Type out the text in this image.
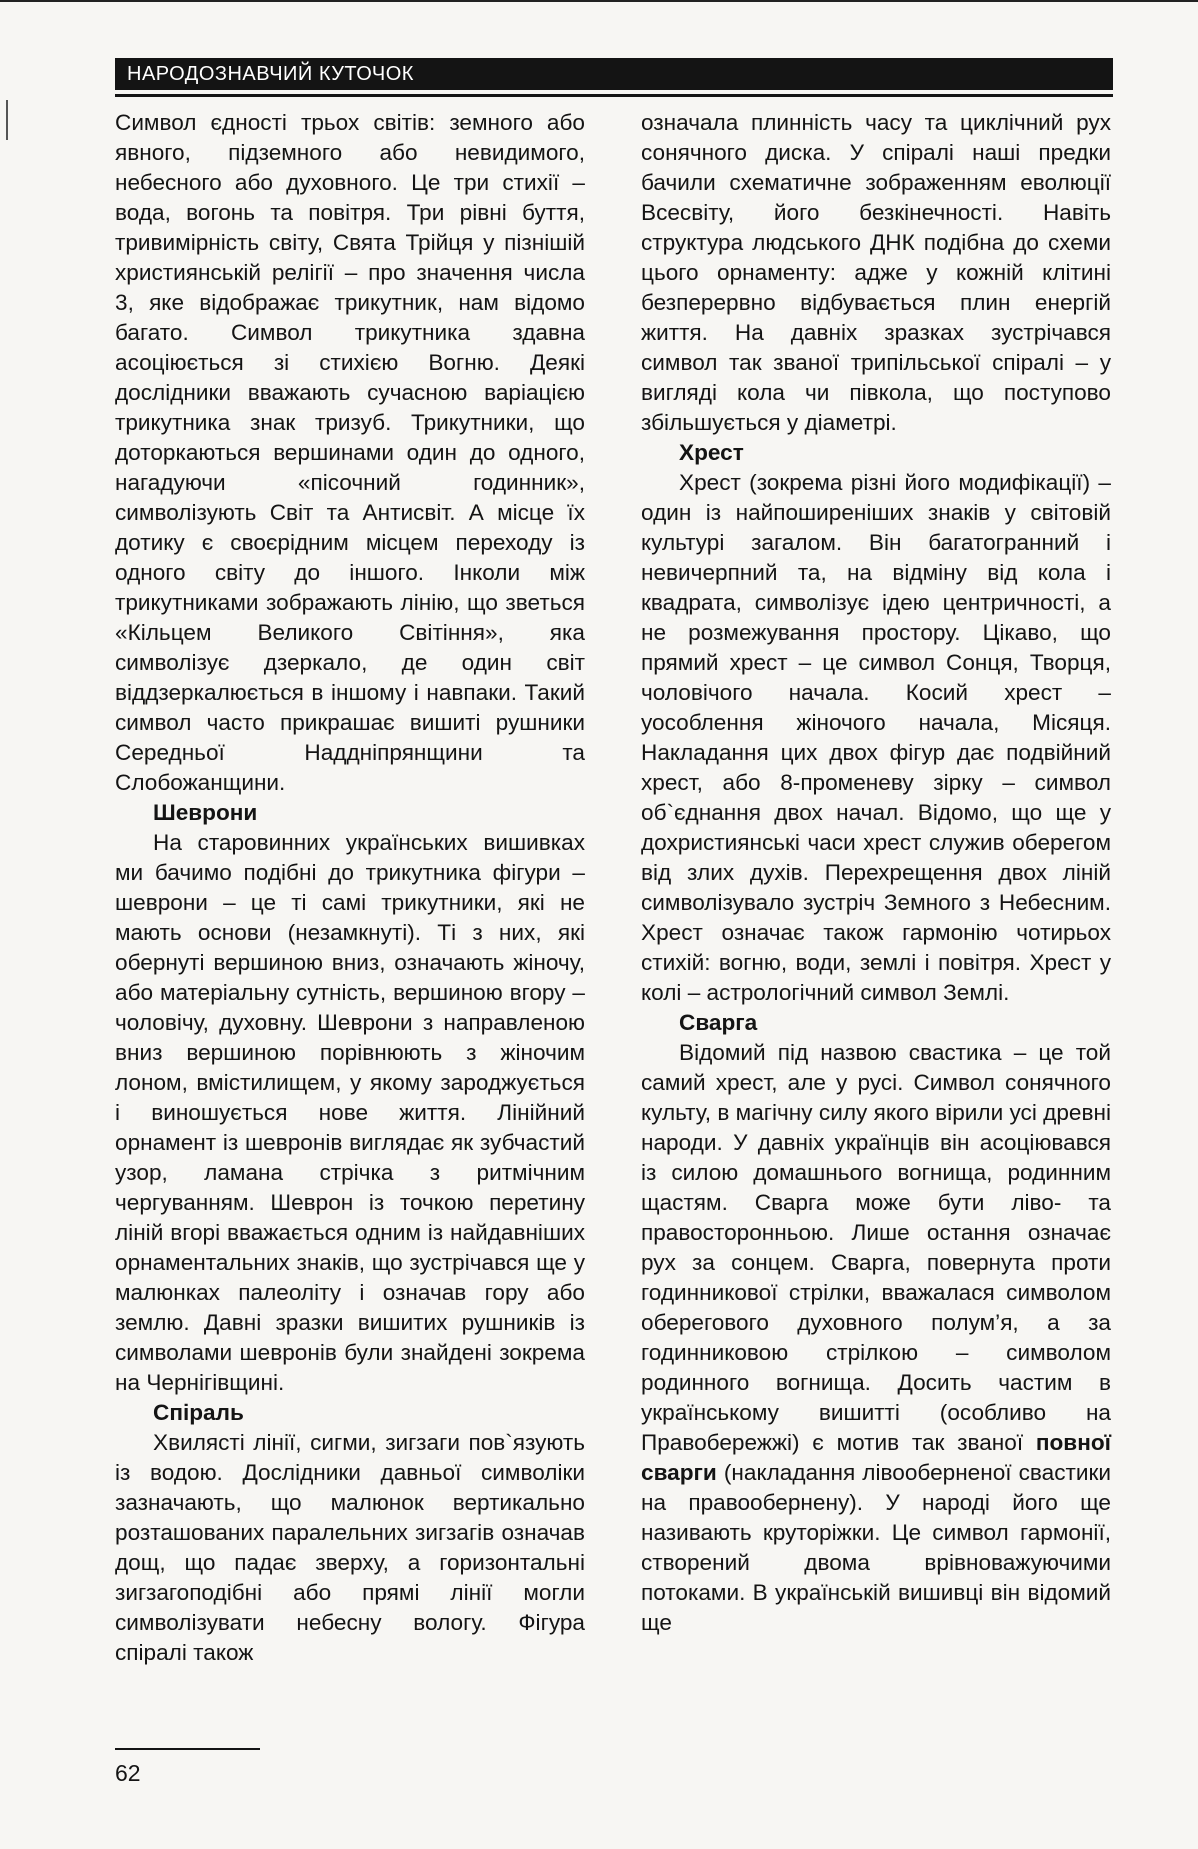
НАРОДОЗНАВЧИЙ КУТОЧОК

Символ єдності трьох світів: земного або явного, підземного або невидимого, небесного або духовного. Це три стихії – вода, вогонь та повітря. Три рівні буття, тривимірність світу, Свята Трійця у пізнішій християнській релігії – про значення числа 3, яке відображає трикутник, нам відомо багато. Символ трикутника здавна асоціюється зі стихією Вогню. Деякі дослідники вважають сучасною варіацією трикутника знак тризуб. Трикутники, що доторкаються вершинами один до одного, нагадуючи «пісочний годинник», символізують Світ та Антисвіт. А місце їх дотику є своєрідним місцем переходу із одного світу до іншого. Інколи між трикутниками зображають лінію, що зветься «Кільцем Великого Світіння», яка символізує дзеркало, де один світ віддзеркалюється в іншому і навпаки. Такий символ часто прикрашає вишиті рушники Середньої Наддніпрянщини та Слобожанщини.

Шеврони

На старовинних українських вишивках ми бачимо подібні до трикутника фігури – шеврони – це ті самі трикутники, які не мають основи (незамкнуті). Ті з них, які обернуті вершиною вниз, означають жіночу, або матеріальну сутність, вершиною вгору – чоловічу, духовну. Шеврони з направленою вниз вершиною порівнюють з жіночим лоном, вмістилищем, у якому зароджується і виношується нове життя. Лінійний орнамент із шевронів виглядає як зубчастий узор, ламана стрічка з ритмічним чергуванням. Шеврон із точкою перетину ліній вгорі вважається одним із найдавніших орнаментальних знаків, що зустрічався ще у малюнках палеоліту і означав гору або землю. Давні зразки вишитих рушників із символами шевронів були знайдені зокрема на Чернігівщині.

Спіраль

Хвилясті лінії, сигми, зигзаги пов`язують із водою. Дослідники давньої символіки зазначають, що малюнок вертикально розташованих паралельних зигзагів означав дощ, що падає зверху, а горизонтальні зигзагоподібні або прямі лінії могли символізувати небесну вологу. Фігура спіралі також

означала плинність часу та циклічний рух сонячного диска. У спіралі наші предки бачили схематичне зображенням еволюції Всесвіту, його безкінечності. Навіть структура людського ДНК подібна до схеми цього орнаменту: адже у кожній клітині безперервно відбувається плин енергій життя. На давніх зразках зустрічався символ так званої трипільської спіралі – у вигляді кола чи півкола, що поступово збільшується у діаметрі.

Хрест

Хрест (зокрема різні його модифікації) – один із найпоширеніших знаків у світовій культурі загалом. Він багатогранний і невичерпний та, на відміну від кола і квадрата, символізує ідею центричності, а не розмежування простору. Цікаво, що прямий хрест – це символ Сонця, Творця, чоловічого начала. Косий хрест – уособлення жіночого начала, Місяця. Накладання цих двох фігур дає подвійний хрест, або 8-променеву зірку – символ об`єднання двох начал. Відомо, що ще у дохристиянські часи хрест служив оберегом від злих духів. Перехрещення двох ліній символізувало зустріч Земного з Небесним. Хрест означає також гармонію чотирьох стихій: вогню, води, землі і повітря. Хрест у колі – астрологічний символ Землі.

Сварга

Відомий під назвою свастика – це той самий хрест, але у русі. Символ сонячного культу, в магічну силу якого вірили усі древні народи. У давніх українців він асоціювався із силою домашнього вогнища, родинним щастям. Сварга може бути ліво- та правосторонньою. Лише остання означає рух за сонцем. Сварга, повернута проти годинникової стрілки, вважалася символом оберегового духовного полум’я, а за годинниковою стрілкою – символом родинного вогнища. Досить частим в українському вишитті (особливо на Правобережжі) є мотив так званої повної сварги (накладання лівооберненої свастики на правообернену). У народі його ще називають круторіжки. Це символ гармонії, створений двома врівноважуючими потоками. В українській вишивці він відомий ще

62
